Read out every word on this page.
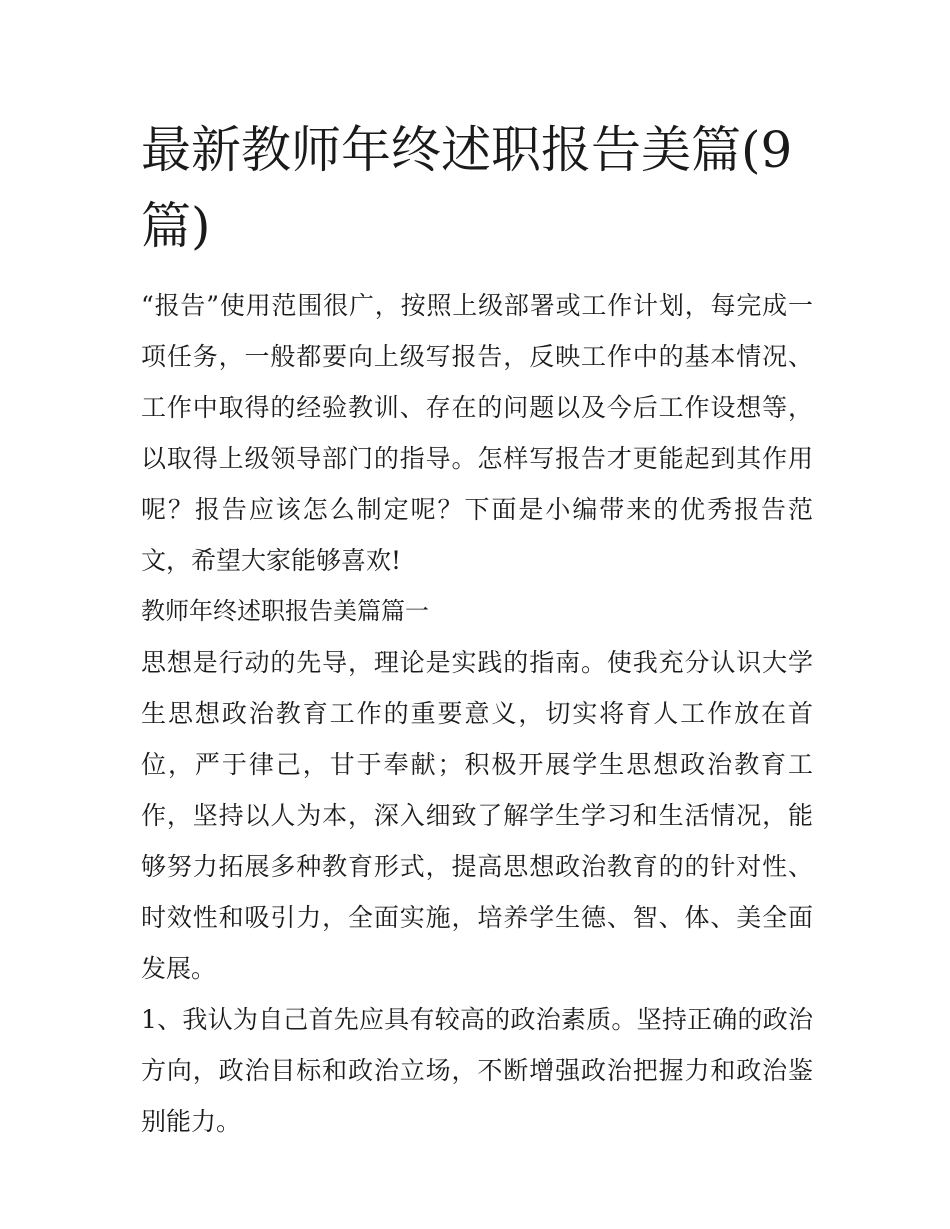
最新教师年终述职报告美篇(9篇)

“报告”使用范围很广，按照上级部署或工作计划，每完成一项任务，一般都要向上级写报告，反映工作中的基本情况、工作中取得的经验教训、存在的问题以及今后工作设想等，以取得上级领导部门的指导。怎样写报告才更能起到其作用呢？报告应该怎么制定呢？下面是小编带来的优秀报告范文，希望大家能够喜欢!

教师年终述职报告美篇篇一

思想是行动的先导，理论是实践的指南。使我充分认识大学生思想政治教育工作的重要意义，切实将育人工作放在首位，严于律己，甘于奉献；积极开展学生思想政治教育工作，坚持以人为本，深入细致了解学生学习和生活情况，能够努力拓展多种教育形式，提高思想政治教育的的针对性、时效性和吸引力，全面实施，培养学生德、智、体、美全面发展。

1、我认为自己首先应具有较高的政治素质。坚持正确的政治方向，政治目标和政治立场，不断增强政治把握力和政治鉴别能力。
